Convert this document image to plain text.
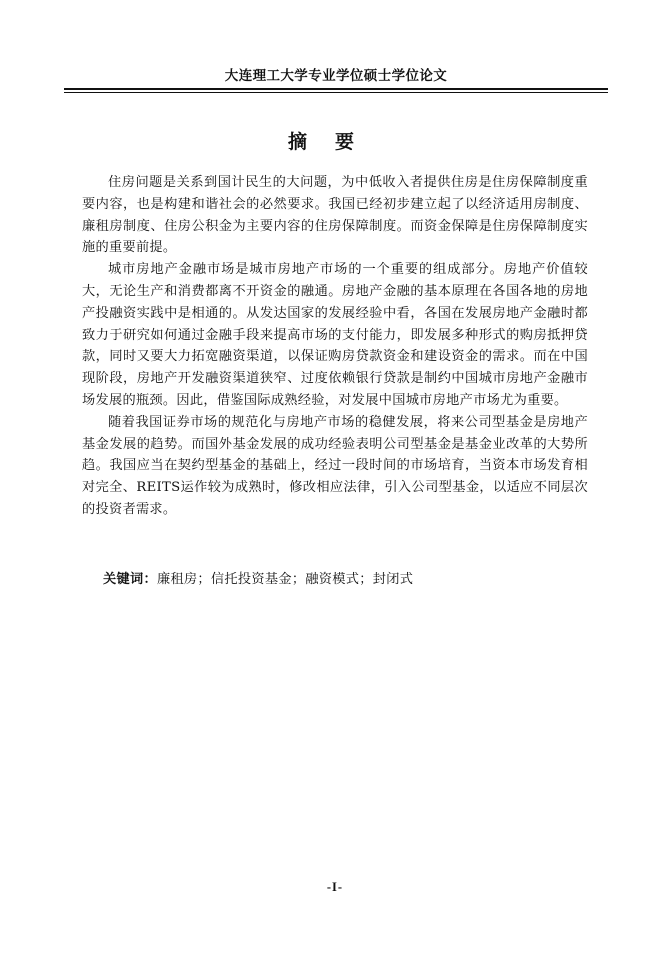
大连理工大学专业学位硕士学位论文
摘要

住房问题是关系到国计民生的大问题，为中低收入者提供住房是住房保障制度重要内容，也是构建和谐社会的必然要求。我国已经初步建立起了以经济适用房制度、廉租房制度、住房公积金为主要内容的住房保障制度。而资金保障是住房保障制度实施的重要前提。

城市房地产金融市场是城市房地产市场的一个重要的组成部分。房地产价值较大，无论生产和消费都离不开资金的融通。房地产金融的基本原理在各国各地的房地产投融资实践中是相通的。从发达国家的发展经验中看，各国在发展房地产金融时都致力于研究如何通过金融手段来提高市场的支付能力，即发展多种形式的购房抵押贷款，同时又要大力拓宽融资渠道，以保证购房贷款资金和建设资金的需求。而在中国现阶段，房地产开发融资渠道狭窄、过度依赖银行贷款是制约中国城市房地产金融市场发展的瓶颈。因此，借鉴国际成熟经验，对发展中国城市房地产市场尤为重要。

随着我国证券市场的规范化与房地产市场的稳健发展，将来公司型基金是房地产基金发展的趋势。而国外基金发展的成功经验表明公司型基金是基金业改革的大势所趋。我国应当在契约型基金的基础上，经过一段时间的市场培育，当资本市场发育相对完全、REITS运作较为成熟时，修改相应法律，引入公司型基金，以适应不同层次的投资者需求。

关键词：廉租房；信托投资基金；融资模式；封闭式
-I-
